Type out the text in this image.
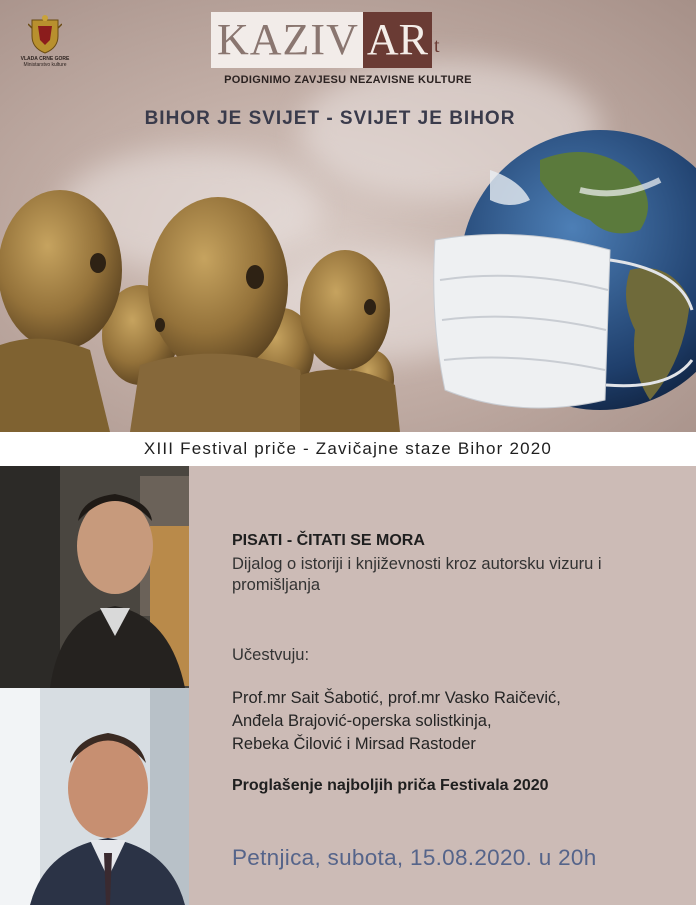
VLADA CRNE GORE
Ministarstvo kulture
KAZIV AR t
PODIGNIMO ZAVJESU NEZAVISNE KULTURE
BIHOR JE SVIJET - SVIJET JE BIHOR
XIII Festival priče - Zavičajne staze Bihor 2020
PISATI - ČITATI SE MORA
Dijalog o istoriji i književnosti kroz autorsku vizuru i promišljanja
Učestvuju:
Prof.mr Sait Šabotić, prof.mr Vasko Raičević,
Anđela Brajović-operska solistkinja,
Rebeka Čilović i Mirsad Rastoder
Proglašenje najboljih priča Festivala 2020
Petnjica, subota, 15.08.2020. u 20h
